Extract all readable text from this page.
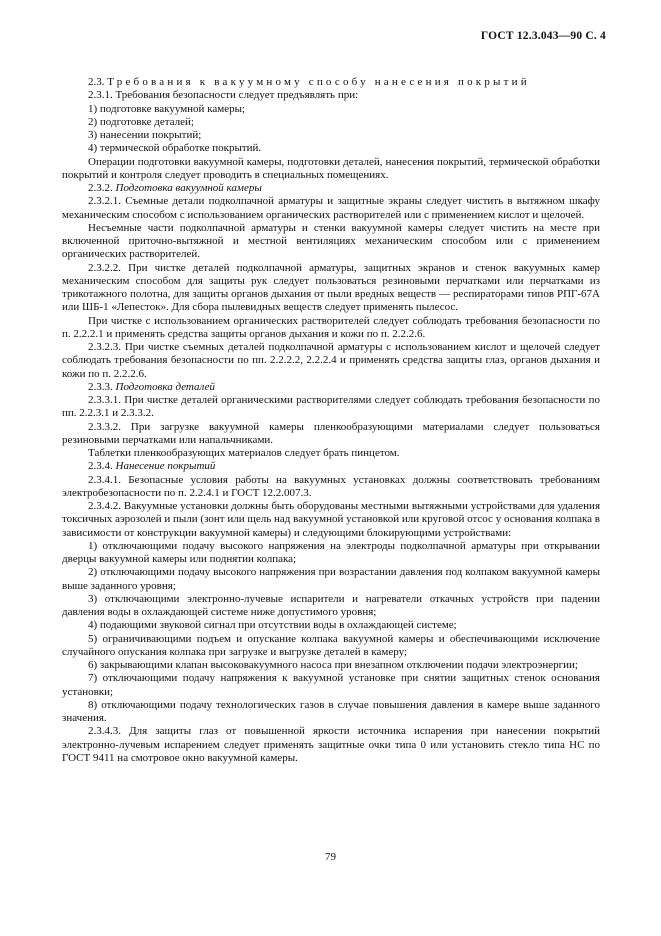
ГОСТ 12.3.043—90 С. 4

2.3. Требования к вакуумному способу нанесения покрытий

2.3.1. Требования безопасности следует предъявлять при:

1) подготовке вакуумной камеры;

2) подготовке деталей;

3) нанесении покрытий;

4) термической обработке покрытий.

Операции подготовки вакуумной камеры, подготовки деталей, нанесения покрытий, термической обработки покрытий и контроля следует проводить в специальных помещениях.

2.3.2. Подготовка вакуумной камеры

2.3.2.1. Съемные детали подколпачной арматуры и защитные экраны следует чистить в вытяжном шкафу механическим способом с использованием органических растворителей или с применением кислот и щелочей.

Несъемные части подколпачной арматуры и стенки вакуумной камеры следует чистить на месте при включенной приточно-вытяжной и местной вентиляциях механическим способом или с применением органических растворителей.

2.3.2.2. При чистке деталей подколпачной арматуры, защитных экранов и стенок вакуумных камер механическим способом для защиты рук следует пользоваться резиновыми перчатками или перчатками из трикотажного полотна, для защиты органов дыхания от пыли вредных веществ — респираторами типов РПГ-67А или ШБ-1 «Лепесток». Для сбора пылевидных веществ следует применять пылесос.

При чистке с использованием органических растворителей следует соблюдать требования безопасности по п. 2.2.2.1 и применять средства защиты органов дыхания и кожи по п. 2.2.2.6.

2.3.2.3. При чистке съемных деталей подколпачной арматуры с использованием кислот и щелочей следует соблюдать требования безопасности по пп. 2.2.2.2, 2.2.2.4 и применять средства защиты глаз, органов дыхания и кожи по п. 2.2.2.6.

2.3.3. Подготовка деталей

2.3.3.1. При чистке деталей органическими растворителями следует соблюдать требования безопасности по пп. 2.2.3.1 и 2.3.3.2.

2.3.3.2. При загрузке вакуумной камеры пленкообразующими материалами следует пользоваться резиновыми перчатками или напальчниками.

Таблетки пленкообразующих материалов следует брать пинцетом.

2.3.4. Нанесение покрытий

2.3.4.1. Безопасные условия работы на вакуумных установках должны соответствовать требованиям электробезопасности по п. 2.2.4.1 и ГОСТ 12.2.007.3.

2.3.4.2. Вакуумные установки должны быть оборудованы местными вытяжными устройствами для удаления токсичных аэрозолей и пыли (зонт или щель над вакуумной установкой или круговой отсос у основания колпака в зависимости от конструкции вакуумной камеры) и следующими блокирующими устройствами:

1) отключающими подачу высокого напряжения на электроды подколпачной арматуры при открывании дверцы вакуумной камеры или поднятии колпака;

2) отключающими подачу высокого напряжения при возрастании давления под колпаком вакуумной камеры выше заданного уровня;

3) отключающими электронно-лучевые испарители и нагреватели откачных устройств при падении давления воды в охлаждающей системе ниже допустимого уровня;

4) подающими звуковой сигнал при отсутствии воды в охлаждающей системе;

5) ограничивающими подъем и опускание колпака вакуумной камеры и обеспечивающими исключение случайного опускания колпака при загрузке и выгрузке деталей в камеру;

6) закрывающими клапан высоковакуумного насоса при внезапном отключении подачи электроэнергии;

7) отключающими подачу напряжения к вакуумной установке при снятии защитных стенок основания установки;

8) отключающими подачу технологических газов в случае повышения давления в камере выше заданного значения.

2.3.4.3. Для защиты глаз от повышенной яркости источника испарения при нанесении покрытий электронно-лучевым испарением следует применять защитные очки типа 0 или установить стекло типа НС по ГОСТ 9411 на смотровое окно вакуумной камеры.

79
